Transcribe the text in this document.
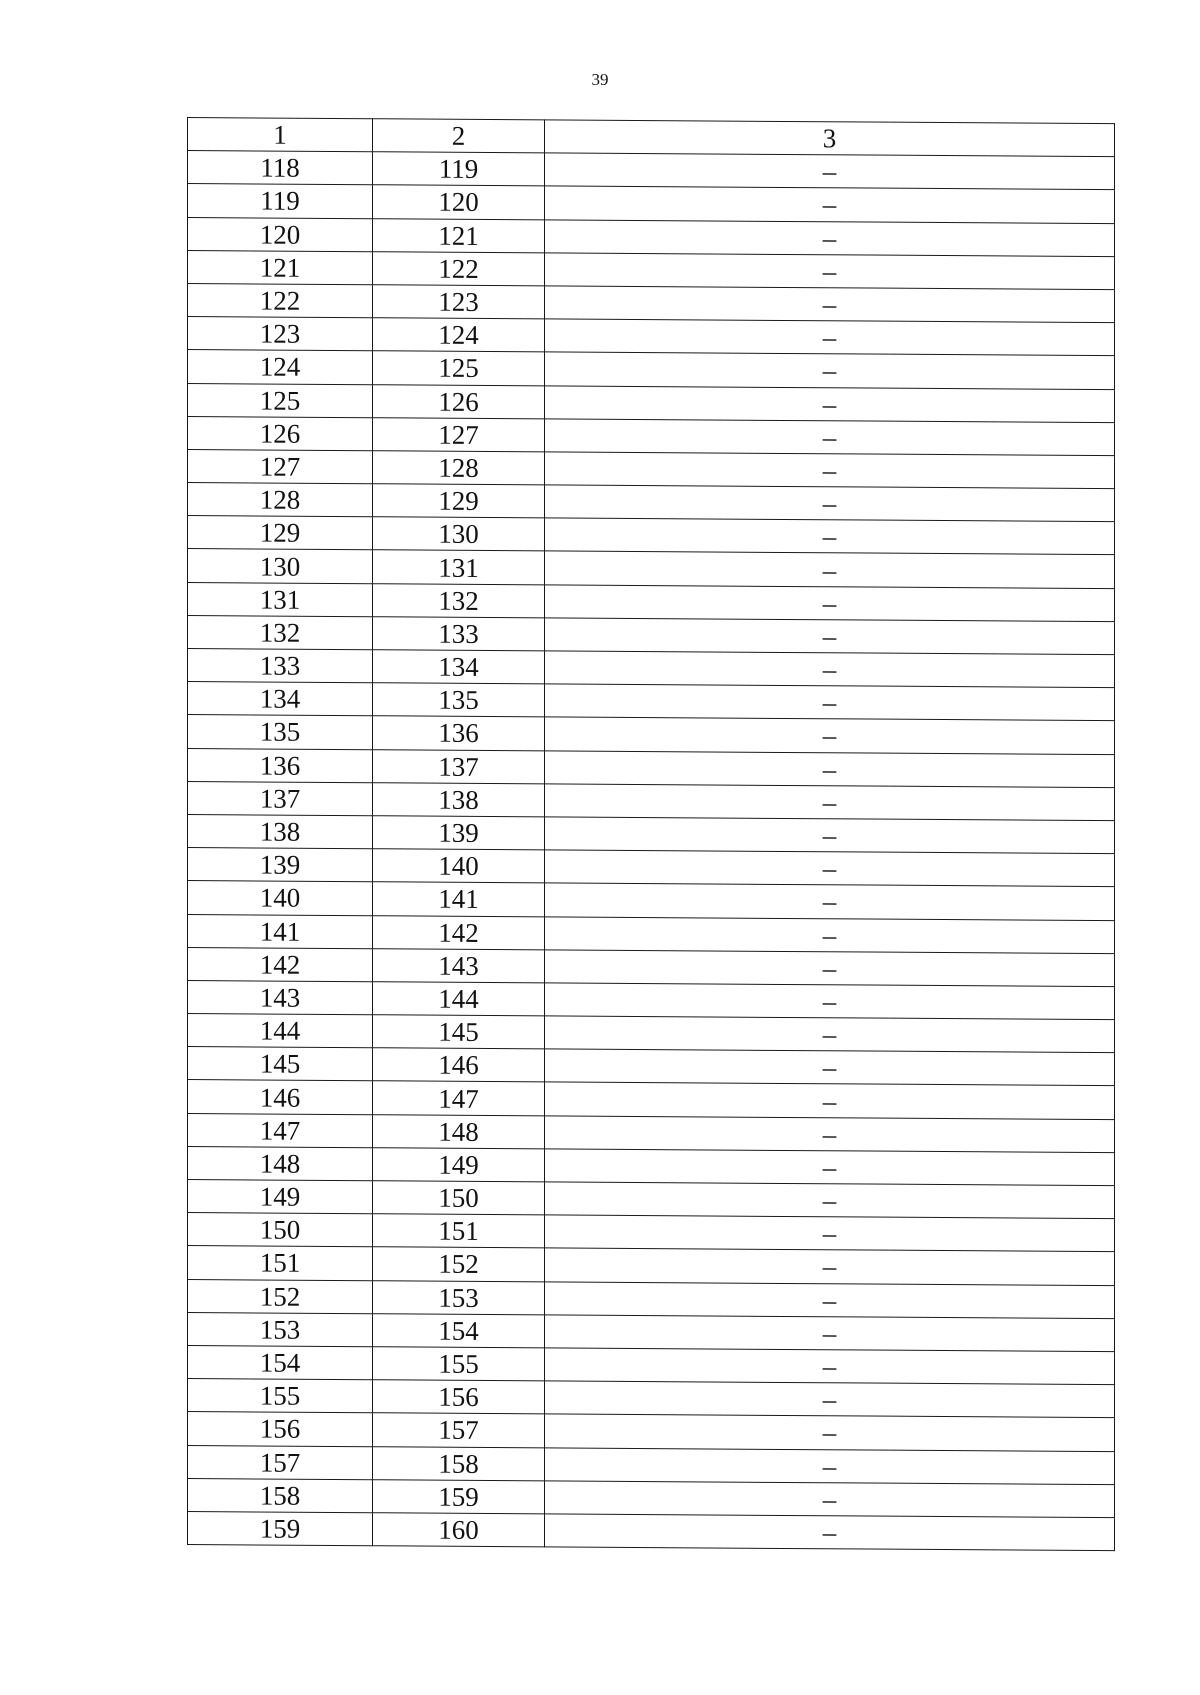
39
1	2	3
118	119	–
119	120	–
120	121	–
121	122	–
122	123	–
123	124	–
124	125	–
125	126	–
126	127	–
127	128	–
128	129	–
129	130	–
130	131	–
131	132	–
132	133	–
133	134	–
134	135	–
135	136	–
136	137	–
137	138	–
138	139	–
139	140	–
140	141	–
141	142	–
142	143	–
143	144	–
144	145	–
145	146	–
146	147	–
147	148	–
148	149	–
149	150	–
150	151	–
151	152	–
152	153	–
153	154	–
154	155	–
155	156	–
156	157	–
157	158	–
158	159	–
159	160	–
